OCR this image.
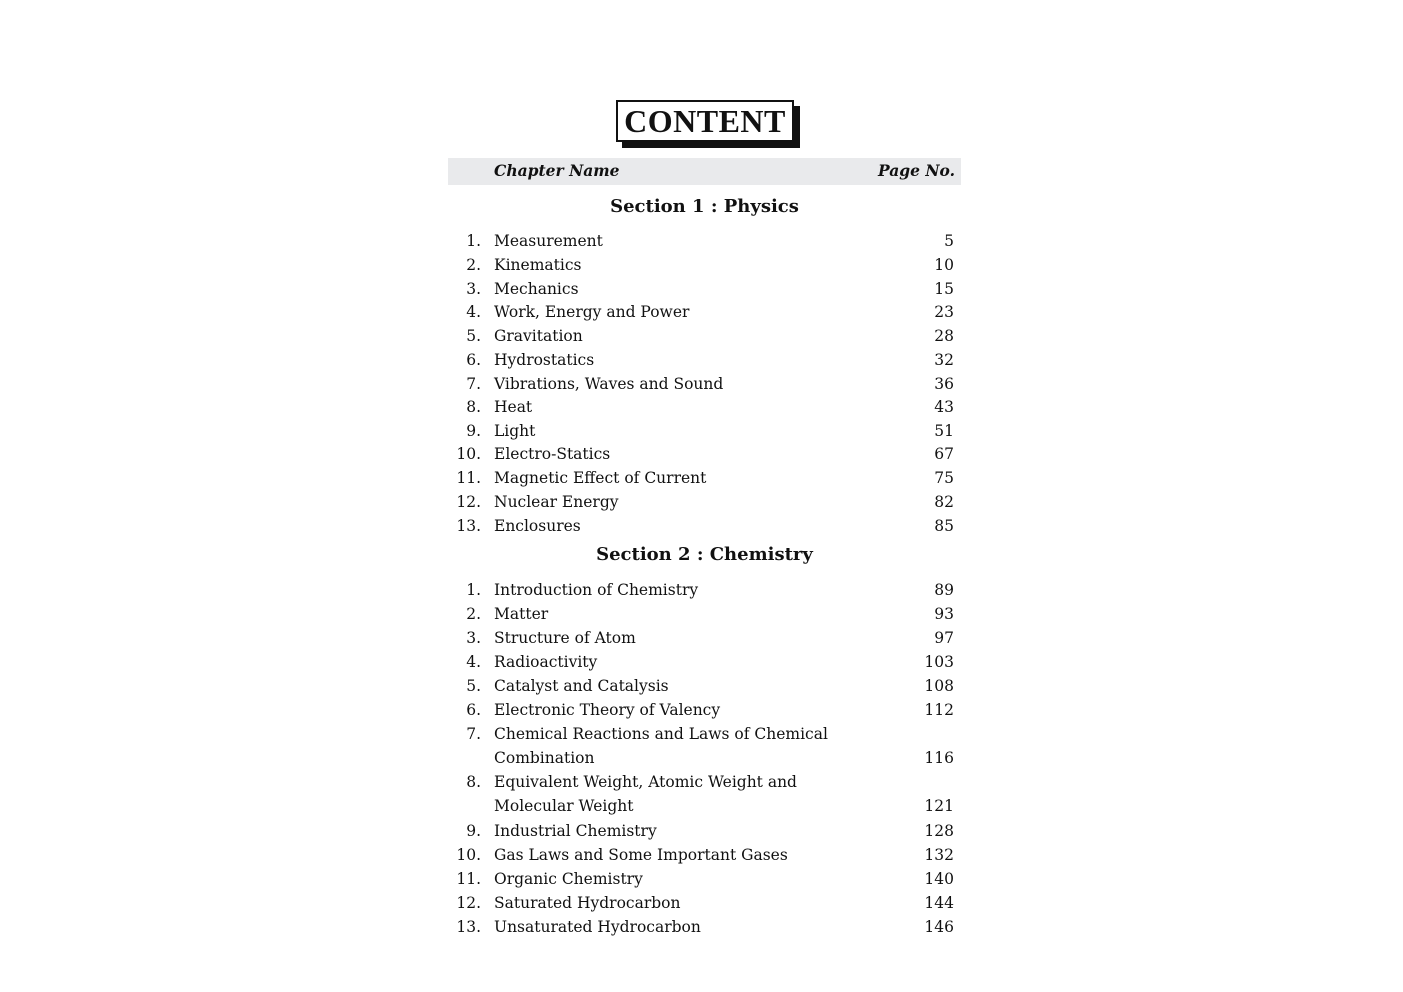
CONTENT
Chapter Name	Page No.
Section 1 : Physics
1. Measurement	5
2. Kinematics	10
3. Mechanics	15
4. Work, Energy and Power	23
5. Gravitation	28
6. Hydrostatics	32
7. Vibrations, Waves and Sound	36
8. Heat	43
9. Light	51
10. Electro-Statics	67
11. Magnetic Effect of Current	75
12. Nuclear Energy	82
13. Enclosures	85
Section 2 : Chemistry
1. Introduction of Chemistry	89
2. Matter	93
3. Structure of Atom	97
4. Radioactivity	103
5. Catalyst and Catalysis	108
6. Electronic Theory of Valency	112
7. Chemical Reactions and Laws of Chemical
Combination	116
8. Equivalent Weight, Atomic Weight and
Molecular Weight	121
9. Industrial Chemistry	128
10. Gas Laws and Some Important Gases	132
11. Organic Chemistry	140
12. Saturated Hydrocarbon	144
13. Unsaturated Hydrocarbon	146
